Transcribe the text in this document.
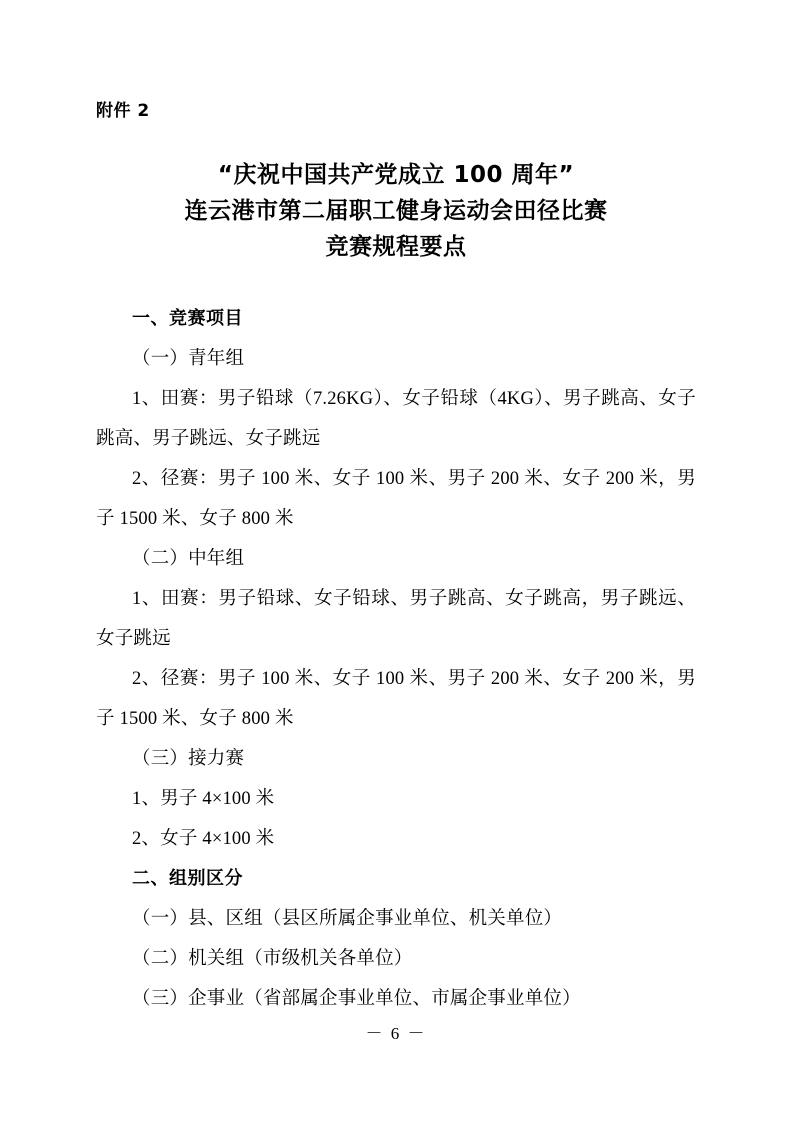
附件 2
“庆祝中国共产党成立 100 周年”
连云港市第二届职工健身运动会田径比赛
竞赛规程要点
一、竞赛项目

（一）青年组

1、田赛：男子铅球（7.26KG）、女子铅球（4KG）、男子跳高、女子跳高、男子跳远、女子跳远

2、径赛：男子 100 米、女子 100 米、男子 200 米、女子 200 米，男子 1500 米、女子 800 米

（二）中年组

1、田赛：男子铅球、女子铅球、男子跳高、女子跳高，男子跳远、女子跳远

2、径赛：男子 100 米、女子 100 米、男子 200 米、女子 200 米，男子 1500 米、女子 800 米

（三）接力赛

1、男子 4×100 米

2、女子 4×100 米

二、组别区分

（一）县、区组（县区所属企事业单位、机关单位）

（二）机关组（市级机关各单位）

（三）企事业（省部属企事业单位、市属企事业单位）

－ 6 －
